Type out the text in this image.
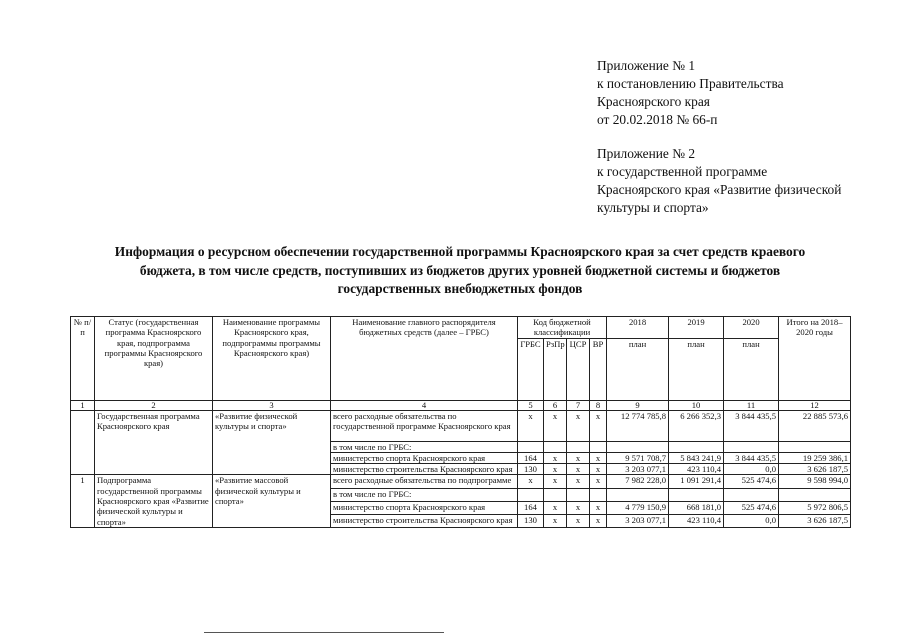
Приложение № 1
к постановлению Правительства
Красноярского края
от 20.02.2018 № 66-п
Приложение № 2
к государственной программе
Красноярского края «Развитие физической
культуры и спорта»
Информация о ресурсном обеспечении государственной программы Красноярского края за счет средств краевого
бюджета, в том числе средств, поступивших из бюджетов других уровней бюджетной системы и бюджетов
государственных внебюджетных фондов
№ п/п	Статус (государственная программа Красноярского края, подпрограмма программы Красноярского края)	Наименование программы Красноярского края, подпрограммы программы Красноярского края)	Наименование главного распорядителя бюджетных средств (далее – ГРБС)	Код бюджетной классификации				2018	2019	2020	Итого на 2018–2020 годы
				ГРБС	РзПр	ЦСР	ВР	план	план	план	
1	2	3	4	5	6	7	8	9	10	11	12
	Государственная программа Красноярского края	«Развитие физической культуры и спорта»	всего расходные обязательства по государственной программе Красноярского края	х	х	х	х	12 774 785,8	6 266 352,3	3 844 435,5	22 885 573,6
			в том числе по ГРБС:								
			министерство спорта Красноярского края	164	х	х	х	9 571 708,7	5 843 241,9	3 844 435,5	19 259 386,1
			министерство строительства Красноярского края	130	х	х	х	3 203 077,1	423 110,4	0,0	3 626 187,5
1	Подпрограмма государственной программы Красноярского края «Развитие физической культуры и спорта»	«Развитие массовой физической культуры и спорта»	всего расходные обязательства по подпрограмме	х	х	х	х	7 982 228,0	1 091 291,4	525 474,6	9 598 994,0
			в том числе по ГРБС:								
			министерство спорта Красноярского края	164	х	х	х	4 779 150,9	668 181,0	525 474,6	5 972 806,5
			министерство строительства Красноярского края	130	х	х	х	3 203 077,1	423 110,4	0,0	3 626 187,5
